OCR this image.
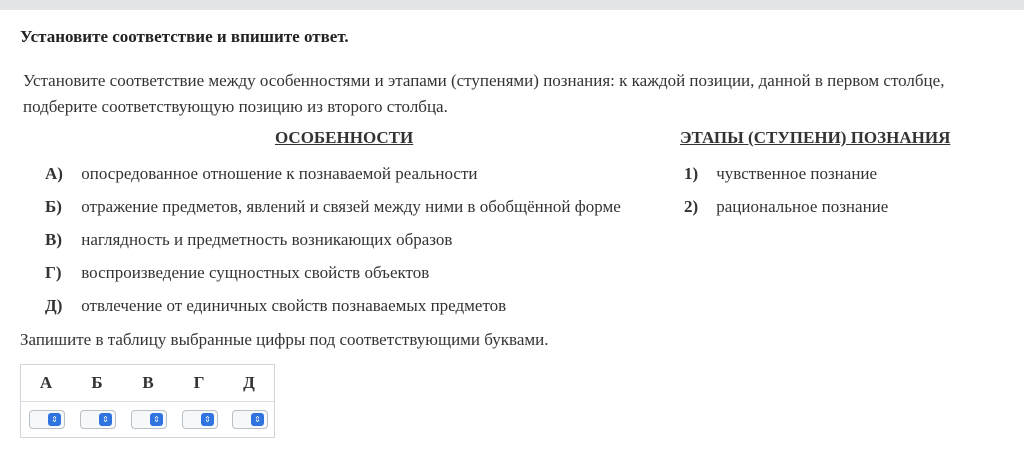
Установите соответствие и впишите ответ.
Установите соответствие между особенностями и этапами (ступенями) познания: к каждой позиции, данной в первом столбце, подберите соответствующую позицию из второго столбца.
ОСОБЕННОСТИ	ЭТАПЫ (СТУПЕНИ) ПОЗНАНИЯ
А) опосредованное отношение к познаваемой реальности
Б) отражение предметов, явлений и связей между ними в обобщённой форме
В) наглядность и предметность возникающих образов
Г) воспроизведение сущностных свойств объектов
Д) отвлечение от единичных свойств познаваемых предметов
1) чувственное познание
2) рациональное познание
Запишите в таблицу выбранные цифры под соответствующими буквами.
А	Б	В	Г	Д
⇕	⇕	⇕	⇕	⇕
